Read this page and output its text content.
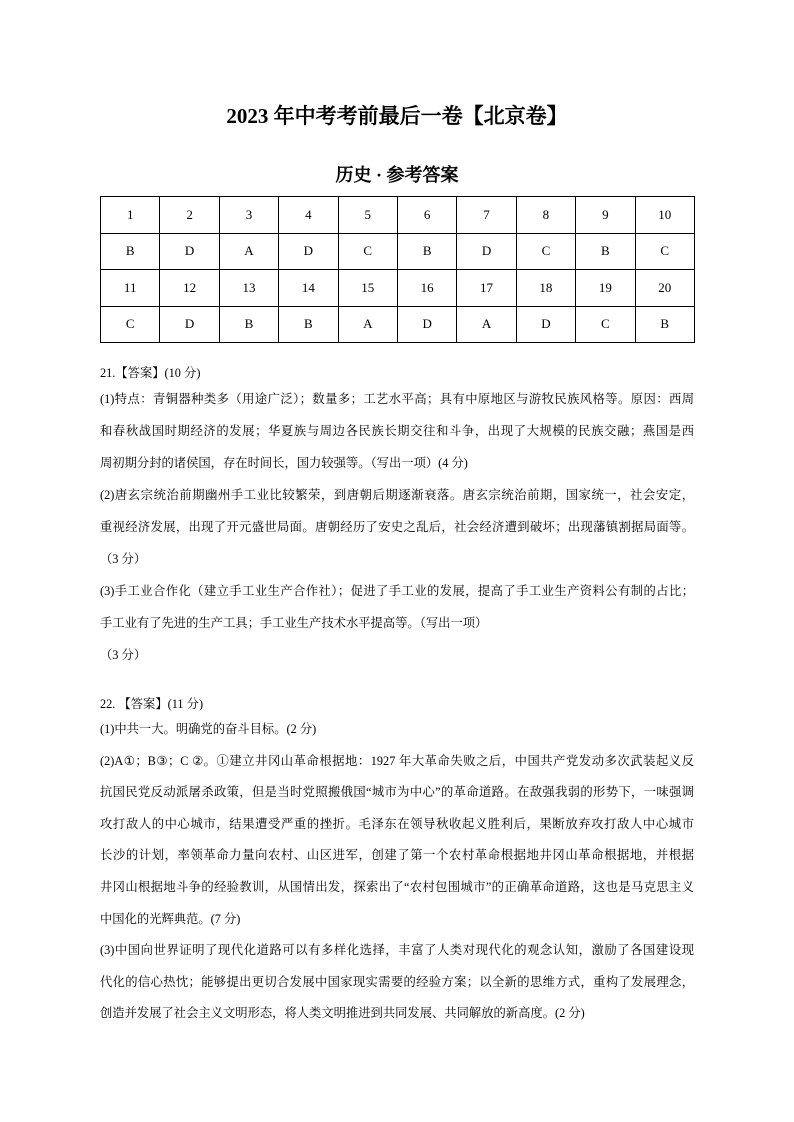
2023 年中考考前最后一卷【北京卷】
历史 · 参考答案
1	2	3	4	5	6	7	8	9	10
B	D	A	D	C	B	D	C	B	C
11	12	13	14	15	16	17	18	19	20
C	D	B	B	A	D	A	D	C	B
21.【答案】(10 分)
(1)特点：青铜器种类多（用途广泛）；数量多；工艺水平高；具有中原地区与游牧民族风格等。原因：西周
和春秋战国时期经济的发展；华夏族与周边各民族长期交往和斗争，出现了大规模的民族交融；燕国是西
周初期分封的诸侯国，存在时间长，国力较强等。（写出一项）(4 分)
(2)唐玄宗统治前期幽州手工业比较繁荣，到唐朝后期逐渐衰落。唐玄宗统治前期，国家统一，社会安定，
重视经济发展，出现了开元盛世局面。唐朝经历了安史之乱后，社会经济遭到破坏；出现藩镇割据局面等。
（3 分）
(3)手工业合作化（建立手工业生产合作社）；促进了手工业的发展，提高了手工业生产资料公有制的占比；
手工业有了先进的生产工具；手工业生产技术水平提高等。（写出一项）
（3 分）
22. 【答案】(11 分)
(1)中共一大。明确党的奋斗目标。(2 分)
(2)A①；B③；C ②。①建立井冈山革命根据地：1927 年大革命失败之后，中国共产党发动多次武装起义反
抗国民党反动派屠杀政策，但是当时党照搬俄国“城市为中心”的革命道路。在敌强我弱的形势下，一味强调
攻打敌人的中心城市，结果遭受严重的挫折。毛泽东在领导秋收起义胜利后，果断放弃攻打敌人中心城市
长沙的计划，率领革命力量向农村、山区进军，创建了第一个农村革命根据地井冈山革命根据地，并根据
井冈山根据地斗争的经验教训，从国情出发，探索出了“农村包围城市”的正确革命道路，这也是马克思主义
中国化的光辉典范。(7 分)
(3)中国向世界证明了现代化道路可以有多样化选择，丰富了人类对现代化的观念认知，激励了各国建设现
代化的信心热忱；能够提出更切合发展中国家现实需要的经验方案；以全新的思维方式，重构了发展理念，
创造并发展了社会主义文明形态，将人类文明推进到共同发展、共同解放的新高度。(2 分)
